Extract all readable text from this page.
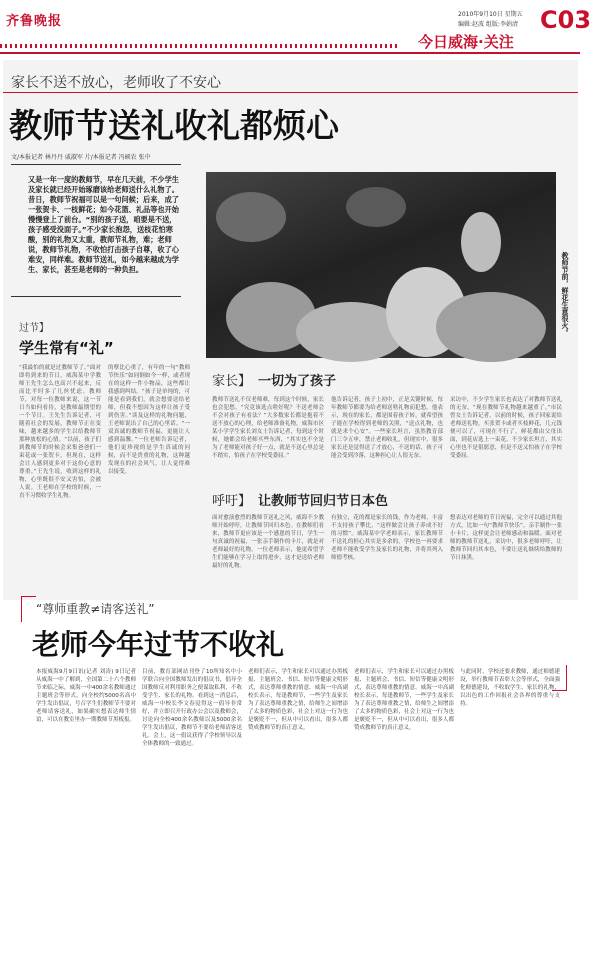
齐鲁晚报	2010年9月10日 星期五
编辑:赵波 组版:李娟清 C03
今日威海·关注
家长不送不放心，老师收了不安心
教师节送礼收礼都烦心
文/本报记者 林丹丹 戚淑军 片/本报记者 冯硕农 张中
又是一年一度的教师节，早在几天前，不少学生及家长就已经开始琢磨该给老师送什么礼物了。昔日，教师节祝福可以是一句问候；后来，成了一张贺卡、一枝鲜花；如今花篮、礼品等也开始慢慢登上了前台。“别的孩子送，咱要是不送，孩子感受没面子。”不少家长抱怨，送枝花怕寒酸，别的礼物又太重，教师节礼物，难；老师说，教师节礼物，不收怕打击孩子自尊，收了心难安，同样难。教师节送礼，如今越来越成为学生、家长，甚至是老师的一种负担。	教师节前，鲜花生意很火。
过节】
学生常有“礼”
“我最怕的就是过教师节了。”面对即将到来的节日，威海某中学教师王先生怎么也高兴不起来，反而比平时多了几丝忧虑。教师节，对每一位教师来说，这一节日当如何看待，是教师最期望的一个节日。王先生告诉记者，可随着社会的发展，教师节正在变味，越来越多的学生以给教师节那种放松的心情。“以前，孩子们到教师节的时候会采集爸爸们一束花或一张贺卡，但现在，这样会让人感到更多对于这份心意的尊重。”王先生说，收到这样的礼物，心里既很不安又害怕，会被人说。王老师在学校的时候，一直不习惯收学生礼物。
的孽比心重了，有年的一句“教师节快乐”如同倒如今一样，或者现在的这样一件小物品，这些都让我感到纠结。“孩子是单纯的，可能是看到我们，就会想要送给老师，但我不想因为这样让孩子受到伤害。”谈及这样的礼物问题，王老师说出了自己的心里话。“一双真诚的教师节祝福，更能让人感到温馨。”一位老师告诉记者，他们更珍视的是学生真诚的问候，而不是贵重的礼物，这种越发现在的社会风气，让人觉得难以接受。
家长】 一切为了孩子
教师节送礼不仅老师难，每到这个时候，家长也会犯愁。“究竟该选点啥好呢？不送老师会不会对孩子有看法？”大多数家长都是抱着不送不放心的心理，给老师准备礼物。威海市区某小学学生家长刘女士告诉记者，每到这个时候，她都会给老师买些东西，“其实也不全是为了老师能对孩子好一点，就是不送心里总是不踏实，怕孩子在学校受委屈。”
他告诉记者，孩子上初中，正是关键时候，每年教师节都要为给老师送啥礼物而犯愁。他表示，现在的家长，都是围着孩子转，就希望孩子能在学校得到老师的关照，“送点礼物，也就是求个心安”。一些家长坦言，虽然教育部门三令五申，禁止老师收礼，但现实中，很多家长还是觉得送了才放心，不送的话，孩子可能会受到冷落，这种担心让人很无奈。
采访中，不少学生家长也表达了对教师节送礼的无奈，“现在教师节礼物越来越重了。”市民曾女士告诉记者，以前的时候，孩子回家说给老师送礼物，买张贺卡或者买枝鲜花，几元钱便可以了，可现在不行了，鲜花都由父母出面，到花店选上一束花。不少家长坦言，其实心里也不是很愿意，但是不送又怕孩子在学校受委屈。
呼吁】 让教师节回归节日本色
面对愈演愈烈的教师节送礼之风，威海不少教师开始呼吁，让教师节回归本色。在教师们看来，教师节更应该是一个感恩的节日，学生一句真诚的祝福，一张亲手制作的卡片，就是对老师最好的礼物。一位老师表示，他更希望学生们能够在学习上取得进步，这才是送给老师最好的礼物。
有独立，花的都是家长的钱，作为老师，丰富不支持孩子攀比，“这样做会让孩子养成不好的习惯”。威海某中学老师表示，家长教师节不送礼的担心其实是多余的，学校也一再要求老师不能收受学生及家长的礼物，并将其列入师德考核。
想表达对老师的节日祝福，完全可以通过其他方式，比如一句“教师节快乐”，亲手制作一张小卡片，这样更会让老师感动和温暖。面对老师的教师节送礼，采访中，很多老师呼吁，让教师节回归其本色，不要让送礼继续给教师的节日抹黑。
“尊师重教≠请客送礼”
老师今年过节不收礼
本报威海9月9日讯(记者 刘涛) 9日记者从威海一中了解到，全国第二十六个教师节来临之际，威海一中400余名教师通过主题班会等形式，向全校约5000名高中学生发出倡议，号召学生们教师节不要对老师请客送礼，如果确实想表达师生情谊，可以在教室里办一期教师节黑板报。
目前，教育部网站刊登了10所知名中小学联合向全国教师发出的倡议书，倡导全国教师反对利用职务之便谋取私利，不收受学生、家长的礼物。看到这一消息后，威海一中校长李文春觉得这一倡导非常好，并立即召开行政办公会以及教师会，讨论向全校400余名教师以及5000余名学生发出倡议，教师节不要给老师请客送礼。会上，这一倡议获得了学校领导以及全体教师的一致通过。
老师们表示，学生和家长可以通过办黑板报、主题班会、书信、短信等健康文明形式，表达尊师重教的情意。威海一中高副校长表示，每逢教师节，一些学生及家长为了表达尊师重教之情，给师生之间增添了太多的物质色彩，社会上对这一行为也是褒贬不一，但从中可以看出，很多人都赞成教师节的真正意义。
老师们表示，学生和家长可以通过办黑板报、主题班会、书信、短信等健康文明形式，表达尊师重教的情意。威海一中高副校长表示，每逢教师节，一些学生及家长为了表达尊师重教之情，给师生之间增添了太多的物质色彩，社会上对这一行为也是褒贬不一，但从中可以看出，很多人都赞成教师节的真正意义。
与此同时，学校还要求教师，通过师德建设，举行教师节表彰大会等形式，全面强化师德建设，不收取学生、家长的礼物，以出色的工作回报社会各界的尊重与支持。
